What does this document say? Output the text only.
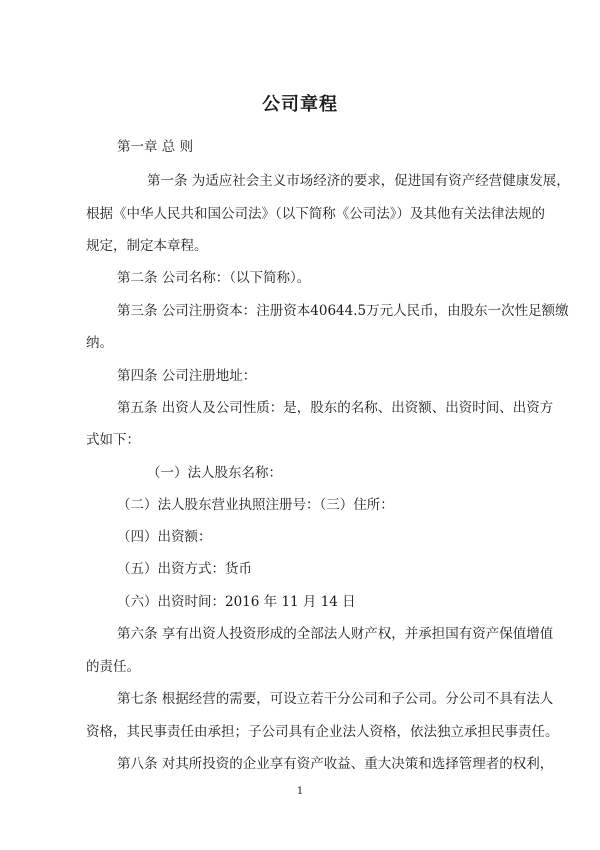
公司章程
第一章 总 则
第一条 为适应社会主义市场经济的要求，促进国有资产经营健康发展，
根据《中华人民共和国公司法》（以下简称《公司法》）及其他有关法律法规的
规定，制定本章程。
第二条 公司名称：（以下简称）。
第三条 公司注册资本：注册资本40644.5万元人民币，由股东一次性足额缴
纳。
第四条 公司注册地址：
第五条 出资人及公司性质：是，股东的名称、出资额、出资时间、出资方
式如下：
（一）法人股东名称：
（二）法人股东营业执照注册号：（三）住所：
（四）出资额：
（五）出资方式：货币
（六）出资时间：2016 年 11 月 14 日
第六条 享有出资人投资形成的全部法人财产权，并承担国有资产保值增值
的责任。
第七条 根据经营的需要，可设立若干分公司和子公司。分公司不具有法人
资格，其民事责任由承担；子公司具有企业法人资格，依法独立承担民事责任。
第八条 对其所投资的企业享有资产收益、重大决策和选择管理者的权利，
1
